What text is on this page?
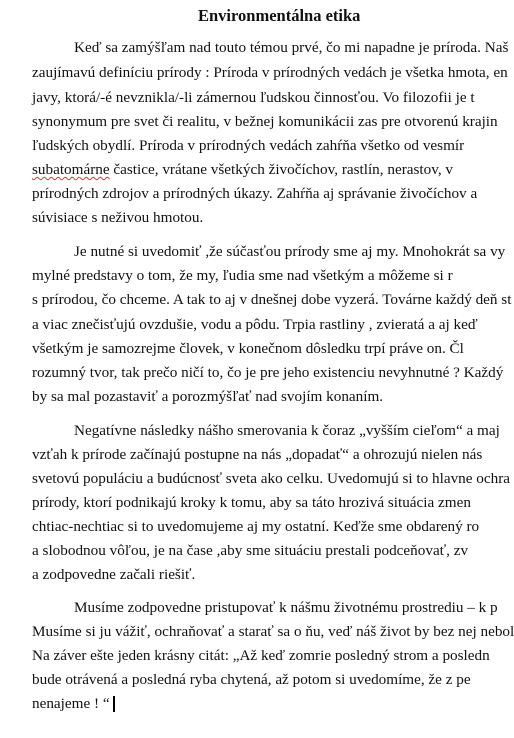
Environmentálna etika
Keď sa zamýšľam nad touto témou prvé, čo mi napadne je príroda. Naš
zaujímavú definíciu prírody : Príroda v prírodných vedách je všetka hmota, en
javy, ktorá/-é nevznikla/-li zámernou ľudskou činnosťou. Vo filozofii je t
synonymum pre svet či realitu, v bežnej komunikácii zas pre otvorenú krajin
ľudských obydlí. Príroda v prírodných vedách zahŕňa všetko od vesmír
subatomárne častice, vrátane všetkých živočíchov, rastlín, nerastov, v
prírodných zdrojov a prírodných úkazy. Zahŕňa aj správanie živočíchov a
súvisiace s neživou hmotou.
Je nutné si uvedomiť ,že súčasťou prírody sme aj my. Mnohokrát sa vy
mylné predstavy o tom, že my, ľudia sme nad všetkým a môžeme si r
s prírodou, čo chceme. A tak to aj v dnešnej dobe vyzerá. Továrne každý deň st
a viac znečisťujú ovzdušie, vodu a pôdu. Trpia rastliny , zvieratá a aj keď
všetkým je samozrejme človek, v konečnom dôsledku trpí práve on. Čl
rozumný tvor, tak prečo ničí to, čo je pre jeho existenciu nevyhnutné ? Každý
by sa mal pozastaviť a porozmýšľať nad svojím konaním.
Negatívne následky nášho smerovania k čoraz „vyšším cieľom“ a maj
vzťah k prírode začínajú postupne na nás „dopadať“ a ohrozujú nielen nás
svetovú populáciu a budúcnosť sveta ako celku. Uvedomujú si to hlavne ochra
prírody, ktorí podnikajú kroky k tomu, aby sa táto hrozivá situácia zmen
chtiac-nechtiac si to uvedomujeme aj my ostatní. Keďže sme obdarený ro
a slobodnou vôľou, je na čase ,aby sme situáciu prestali podceňovať, zv
a zodpovedne začali riešiť.
Musíme zodpovedne pristupovať k nášmu životnému prostrediu – k p
Musíme si ju vážiť, ochraňovať a starať sa o ňu, veď náš život by bez nej nebol
Na záver ešte jeden krásny citát: „Až keď zomrie posledný strom a posledn
bude otrávená a posledná ryba chytená, až potom si uvedomíme, že z pe
nenajeme ! “
